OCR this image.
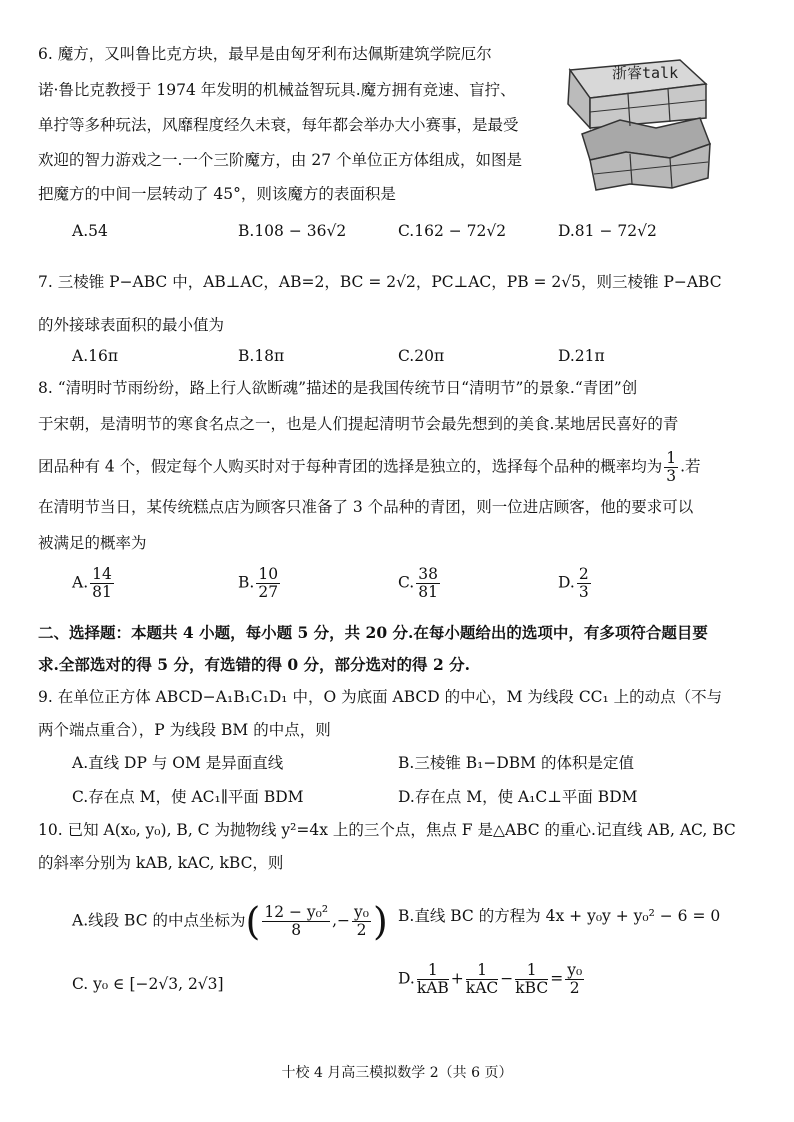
6. 魔方，又叫鲁比克方块，最早是由匈牙利布达佩斯建筑学院厄尔
诺·鲁比克教授于 1974 年发明的机械益智玩具.魔方拥有竞速、盲拧、
单拧等多种玩法，风靡程度经久未衰，每年都会举办大小赛事，是最受
欢迎的智力游戏之一.一个三阶魔方，由 27 个单位正方体组成，如图是
把魔方的中间一层转动了 45°，则该魔方的表面积是
浙睿talk
A.54	B.108 − 36√2	C.162 − 72√2	D.81 − 72√2
7. 三棱锥 P−ABC 中，AB⊥AC，AB=2，BC = 2√2，PC⊥AC，PB = 2√5，则三棱锥 P−ABC
的外接球表面积的最小值为
A.16π	B.18π	C.20π	D.21π
8. “清明时节雨纷纷，路上行人欲断魂”描述的是我国传统节日“清明节”的景象.“青团”创
于宋朝，是清明节的寒食名点之一，也是人们提起清明节会最先想到的美食.某地居民喜好的青
团品种有 4 个，假定每个人购买时对于每种青团的选择是独立的，选择每个品种的概率均为 $\frac{1}{3}$ .若
在清明节当日，某传统糕点店为顾客只准备了 3 个品种的青团，则一位进店顾客，他的要求可以
被满足的概率为
A. $\frac{14}{81}$	B. $\frac{10}{27}$	C. $\frac{38}{81}$	D. $\frac{2}{3}$
二、选择题：本题共 4 小题，每小题 5 分，共 20 分.在每小题给出的选项中，有多项符合题目要
求.全部选对的得 5 分，有选错的得 0 分，部分选对的得 2 分.
9. 在单位正方体 ABCD−A₁B₁C₁D₁ 中，O 为底面 ABCD 的中心，M 为线段 CC₁ 上的动点（不与
两个端点重合），P 为线段 BM 的中点，则
A.直线 DP 与 OM 是异面直线	B.三棱锥 B₁−DBM 的体积是定值
C.存在点 M，使 AC₁∥平面 BDM	D.存在点 M，使 A₁C⊥平面 BDM
10. 已知 A(x₀, y₀), B, C 为抛物线 y²=4x 上的三个点，焦点 F 是△ABC 的重心.记直线 AB, AC, BC
的斜率分别为 kAB, kAC, kBC，则
A.线段 BC 的中点坐标为( $\frac{\text{12 − y₀²}}{8}$ ,− $\frac{\text{y₀}}{2}$ ) B.直线 BC 的方程为 4x + y₀y + y₀² − 6 = 0
C. y₀ ∈ [−2√3, 2√3]	D. $\frac{1}{\text{kAB}} + \frac{1}{\text{kAC}} - \frac{1}{\text{kBC}} = \frac{\text{y₀}}{2}$
十校 4 月高三模拟数学 2（共 6 页）
